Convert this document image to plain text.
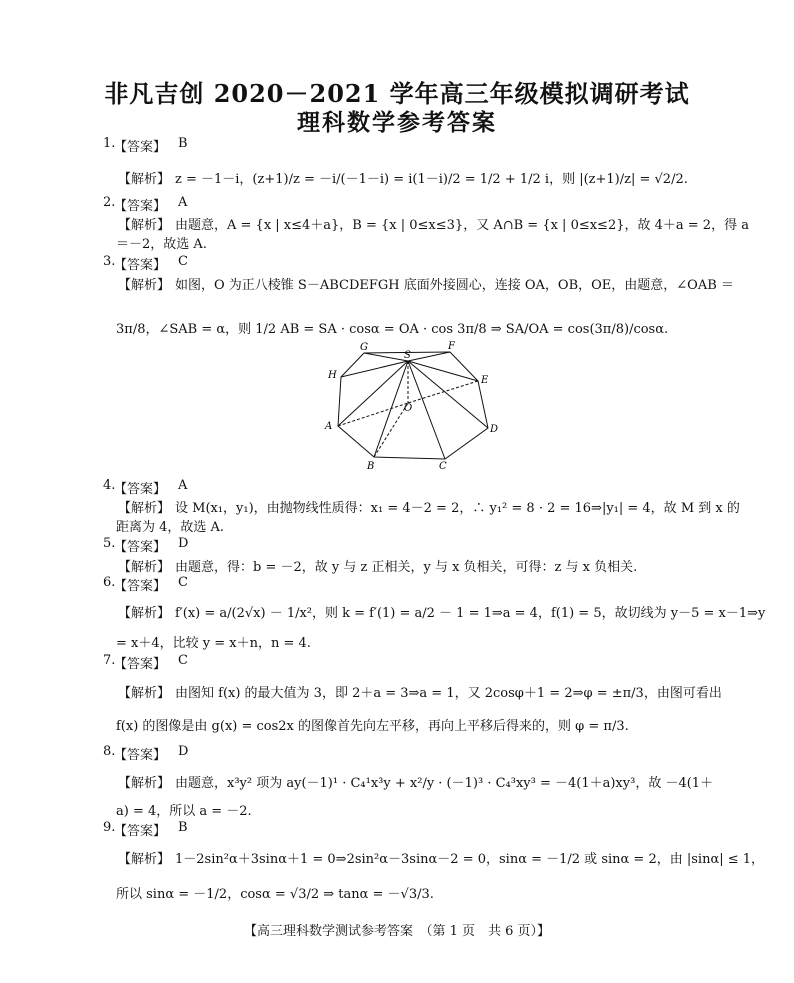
非凡吉创 2020－2021 学年高三年级模拟调研考试
理科数学参考答案
1.
【答案】 B
【解析】 z = －1－i，(z+1)/z = －i/(－1－i) = i(1－i)/2 = 1/2 + 1/2 i，则 |(z+1)/z| = √2/2.
2.
【答案】 A
【解析】 由题意，A = {x | x≤4＋a}，B = {x | 0≤x≤3}，又 A∩B = {x | 0≤x≤2}，故 4＋a = 2，得 a
＝－2，故选 A.
3.
【答案】 C
【解析】 如图，O 为正八棱锥 S－ABCDEFGH 底面外接圆心，连接 OA，OB，OE，由题意，∠OAB ＝
3π/8，∠SAB = α，则 1/2 AB = SA · cosα = OA · cos 3π/8 ⇒ SA/OA = cos(3π/8)/cosα.
G
S
F
H	E
O
A	D
B	C
4.
【答案】 A
【解析】 设 M(x₁，y₁)，由抛物线性质得：x₁ = 4－2 = 2，∴ y₁² = 8 · 2 = 16⇒|y₁| = 4，故 M 到 x 的
距离为 4，故选 A.
5.
【答案】 D
【解析】 由题意，得：b = －2，故 y 与 z 正相关，y 与 x 负相关，可得：z 与 x 负相关.
6.
【答案】 C
【解析】 f′(x) = a/(2√x) － 1/x²，则 k = f′(1) = a/2 － 1 = 1⇒a = 4，f(1) = 5，故切线为 y－5 = x－1⇒y
= x＋4，比较 y = x＋n，n = 4.
7.
【答案】 C
【解析】 由图知 f(x) 的最大值为 3，即 2＋a = 3⇒a = 1，又 2cosφ＋1 = 2⇒φ = ±π/3，由图可看出
f(x) 的图像是由 g(x) = cos2x 的图像首先向左平移，再向上平移后得来的，则 φ = π/3.
8.
【答案】 D
【解析】 由题意，x³y² 项为 ay(－1)¹ · C₄¹x³y + x²/y · (－1)³ · C₄³xy³ = －4(1＋a)xy³，故 －4(1＋
a) = 4，所以 a = －2.
9.
【答案】 B
【解析】 1－2sin²α＋3sinα＋1 = 0⇒2sin²α－3sinα－2 = 0，sinα = －1/2 或 sinα = 2，由 |sinα| ≤ 1，
所以 sinα = －1/2，cosα = √3/2 ⇒ tanα = －√3/3.
【高三理科数学测试参考答案　（第 1 页　共 6 页）】
